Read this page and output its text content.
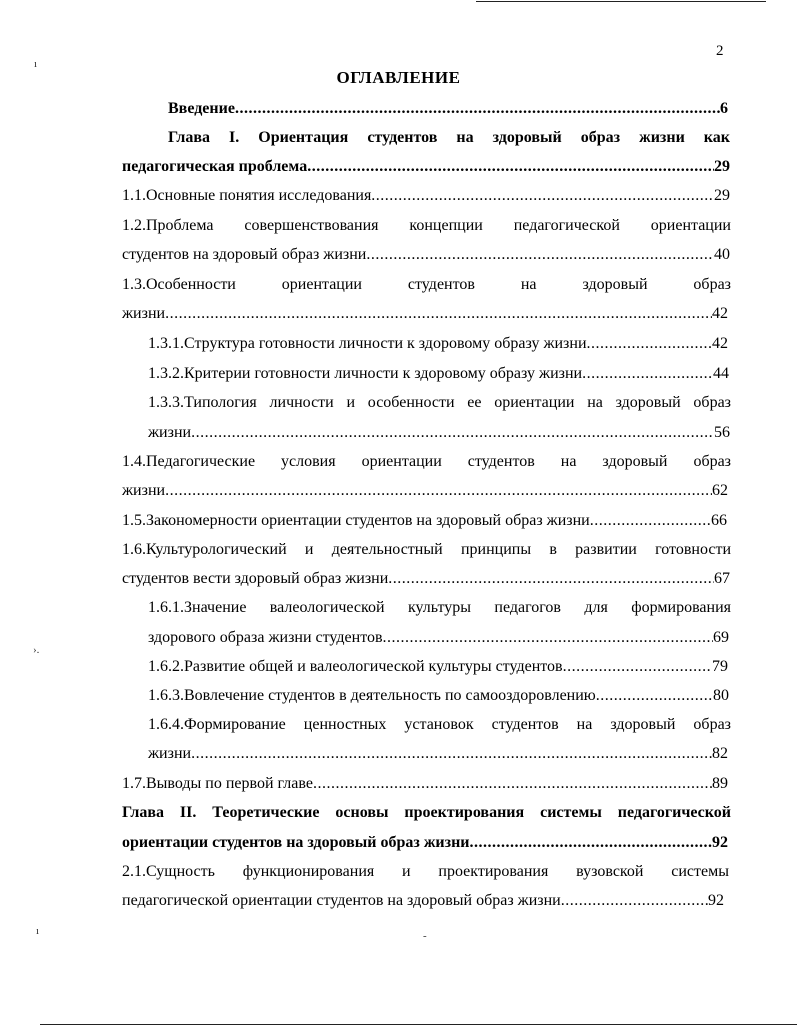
ı
›.
ı	-
2
ОГЛАВЛЕНИЕ
Введение .....	6
Глава I. Ориентация студентов на здоровый образ жизни как
педагогическая проблема .....	29
1.1.Основные понятия исследования .....	29
1.2.Проблема совершенствования концепции педагогической ориентации
студентов на здоровый образ жизни .....	40
1.3.Особенности ориентации студентов на здоровый образ
жизни .....	42
1.3.1.Структура готовности личности к здоровому образу жизни .....	42
1.3.2.Критерии готовности личности к здоровому образу жизни .....	44
1.3.3.Типология личности и особенности ее ориентации на здоровый образ
жизни .....	56
1.4.Педагогические условия ориентации студентов на здоровый образ
жизни .....	62
1.5.Закономерности ориентации студентов на здоровый образ жизни .....	66
1.6.Культурологический и деятельностный принципы в развитии готовности
студентов вести здоровый образ жизни .....	67
1.6.1.Значение валеологической культуры педагогов для формирования
здорового образа жизни студентов .....	69
1.6.2.Развитие общей и валеологической культуры студентов .....	79
1.6.3.Вовлечение студентов в деятельность по самооздоровлению .....	80
1.6.4.Формирование ценностных установок студентов на здоровый образ
жизни .....	82
1.7.Выводы по первой главе .....	89
Глава II. Теоретические основы проектирования системы педагогической
ориентации студентов на здоровый образ жизни .....	92
2.1.Сущность функционирования и проектирования вузовской системы
педагогической ориентации студентов на здоровый образ жизни .....	92
